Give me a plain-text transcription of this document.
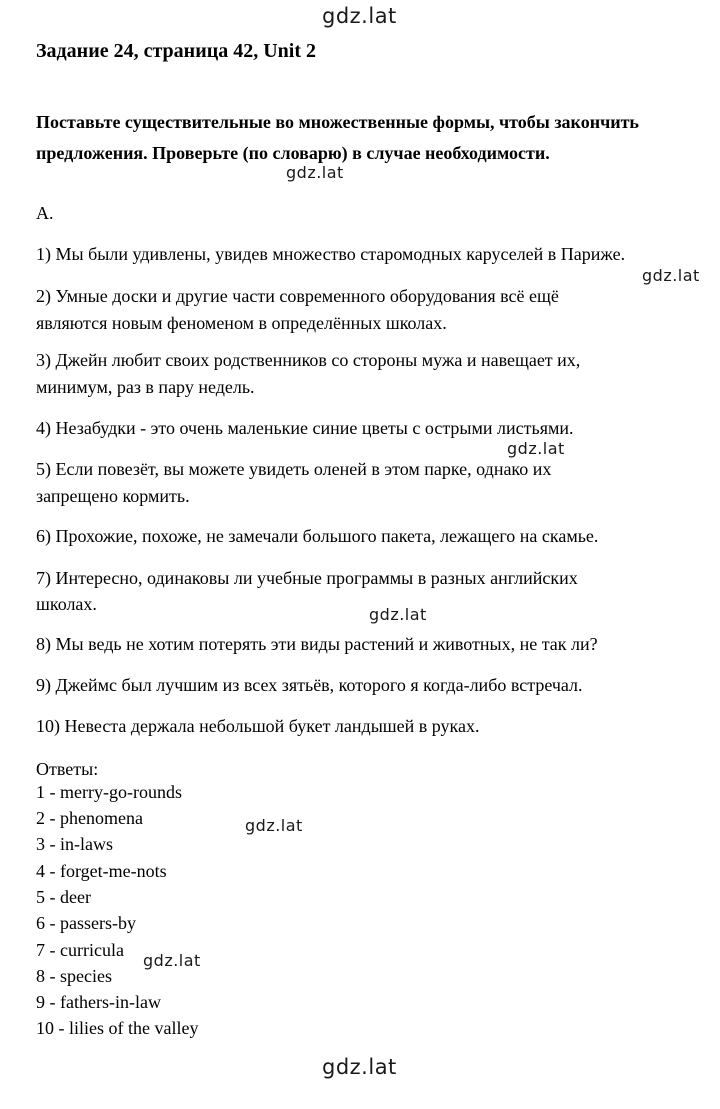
gdz.lat
Задание 24, страница 42, Unit 2
Поставьте существительные во множественные формы, чтобы закончить предложения. Проверьте (по словарю) в случае необходимости.
gdz.lat
А.
1) Мы были удивлены, увидев множество старомодных каруселей в Париже.
gdz.lat
2) Умные доски и другие части современного оборудования всё ещё
являются новым феноменом в определённых школах.
3) Джейн любит своих родственников со стороны мужа и навещает их,
минимум, раз в пару недель.
4) Незабудки - это очень маленькие синие цветы с острыми листьями.
gdz.lat
5) Если повезёт, вы можете увидеть оленей в этом парке, однако их
запрещено кормить.
6) Прохожие, похоже, не замечали большого пакета, лежащего на скамье.
7) Интересно, одинаковы ли учебные программы в разных английских
школах.
gdz.lat
8) Мы ведь не хотим потерять эти виды растений и животных, не так ли?
9) Джеймс был лучшим из всех зятьёв, которого я когда-либо встречал.
10) Невеста держала небольшой букет ландышей в руках.
Ответы:
1 - merry-go-rounds
2 - phenomena	gdz.lat
3 - in-laws
4 - forget-me-nots
5 - deer
6 - passers-by
7 - curricula
gdz.lat
8 - species
9 - fathers-in-law
10 - lilies of the valley
gdz.lat
